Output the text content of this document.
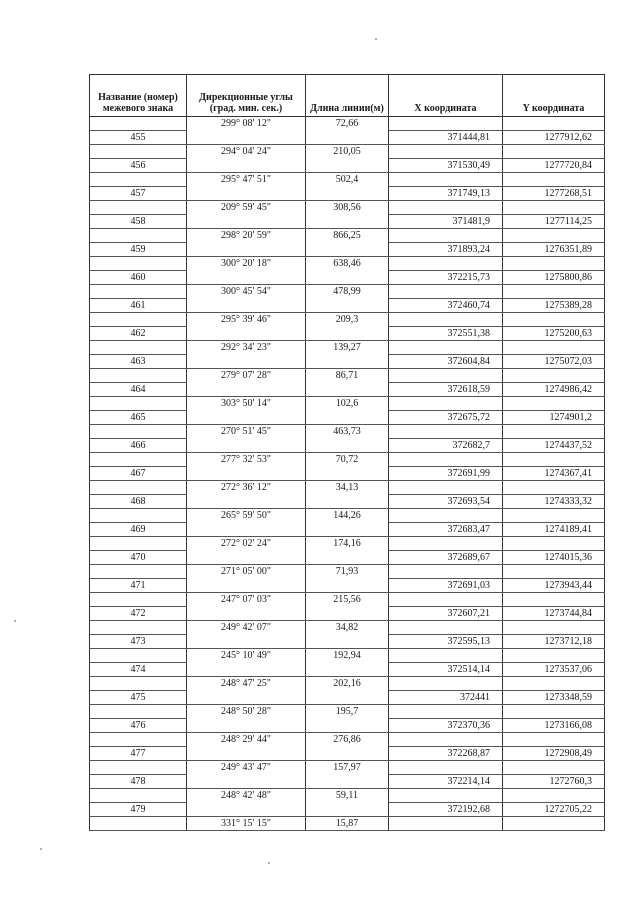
Название (номер) межевого знака	Дирекционные углы (град. мин. сек.)	Длина линии(м)	X координата	Y координата
	299° 08' 12"	72,66		
455			371444,81	1277912,62
	294° 04' 24"	210,05		
456			371530,49	1277720,84
	295° 47' 51"	502,4		
457			371749,13	1277268,51
	209° 59' 45"	308,56		
458			371481,9	1277114,25
	298° 20' 59"	866,25		
459			371893,24	1276351,89
	300° 20' 18"	638,46		
460			372215,73	1275800,86
	300° 45' 54"	478,99		
461			372460,74	1275389,28
	295° 39' 46"	209,3		
462			372551,38	1275200,63
	292° 34' 23"	139,27		
463			372604,84	1275072,03
	279° 07' 28"	86,71		
464			372618,59	1274986,42
	303° 50' 14"	102,6		
465			372675,72	1274901,2
	270° 51' 45"	463,73		
466			372682,7	1274437,52
	277° 32' 53"	70,72		
467			372691,99	1274367,41
	272° 36' 12"	34,13		
468			372693,54	1274333,32
	265° 59' 50"	144,26		
469			372683,47	1274189,41
	272° 02' 24"	174,16		
470			372689,67	1274015,36
	271° 05' 00"	71,93		
471			372691,03	1273943,44
	247° 07' 03"	215,56		
472			372607,21	1273744,84
	249° 42' 07"	34,82		
473			372595,13	1273712,18
	245° 10' 49"	192,94		
474			372514,14	1273537,06
	248° 47' 25"	202,16		
475			372441	1273348,59
	248° 50' 28"	195,7		
476			372370,36	1273166,08
	248° 29' 44"	276,86		
477			372268,87	1272908,49
	249° 43' 47"	157,97		
478			372214,14	1272760,3
	248° 42' 48"	59,11		
479			372192,68	1272705,22
	331° 15' 15"	15,87		
